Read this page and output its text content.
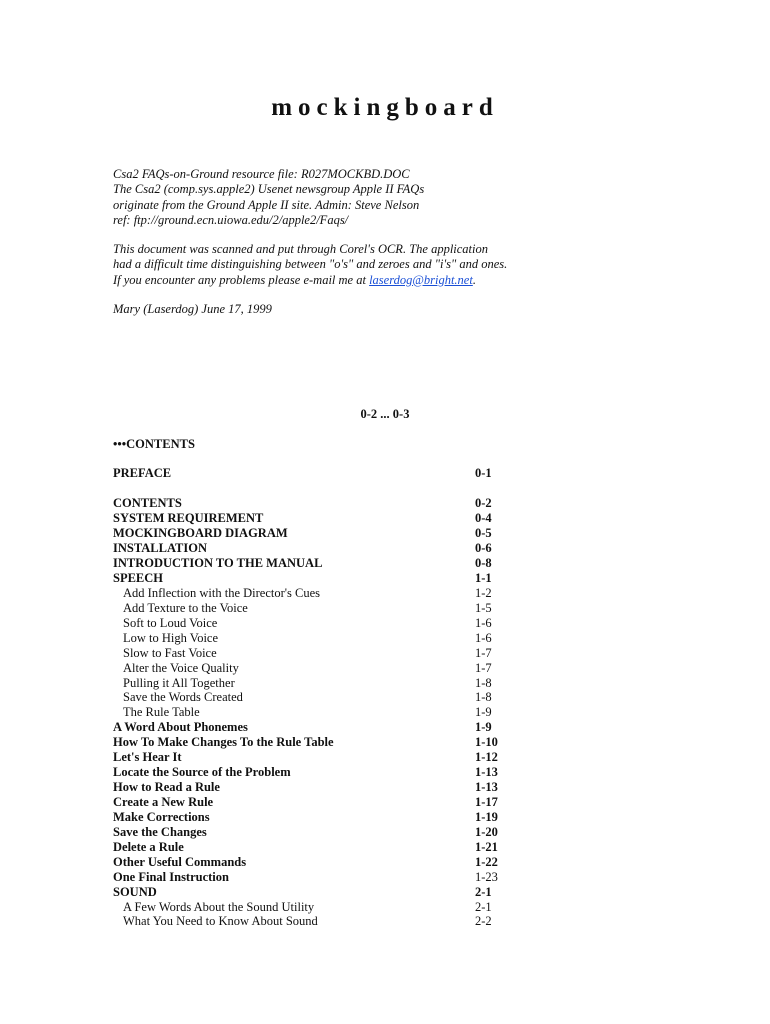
mockingboard
Csa2 FAQs-on-Ground resource file: R027MOCKBD.DOC
The Csa2 (comp.sys.apple2) Usenet newsgroup Apple II FAQs
originate from the Ground Apple II site. Admin: Steve Nelson
ref: ftp://ground.ecn.uiowa.edu/2/apple2/Faqs/
This document was scanned and put through Corel's OCR. The application
had a difficult time distinguishing between "o's" and zeroes and "i's" and ones.
If you encounter any problems please e-mail me at laserdog@bright.net.
Mary (Laserdog) June 17, 1999
0-2 ... 0-3
•••CONTENTS
PREFACE	0-1
CONTENTS	0-2
SYSTEM REQUIREMENT	0-4
MOCKINGBOARD DIAGRAM	0-5
INSTALLATION	0-6
INTRODUCTION TO THE MANUAL	0-8
SPEECH	1-1
Add Inflection with the Director's Cues	1-2
Add Texture to the Voice	1-5
Soft to Loud Voice	1-6
Low to High Voice	1-6
Slow to Fast Voice	1-7
Alter the Voice Quality	1-7
Pulling it All Together	1-8
Save the Words Created	1-8
The Rule Table	1-9
A Word About Phonemes	1-9
How To Make Changes To the Rule Table	1-10
Let's Hear It	1-12
Locate the Source of the Problem	1-13
How to Read a Rule	1-13
Create a New Rule	1-17
Make Corrections	1-19
Save the Changes	1-20
Delete a Rule	1-21
Other Useful Commands	1-22
One Final Instruction	1-23
SOUND	2-1
A Few Words About the Sound Utility	2-1
What You Need to Know About Sound	2-2
